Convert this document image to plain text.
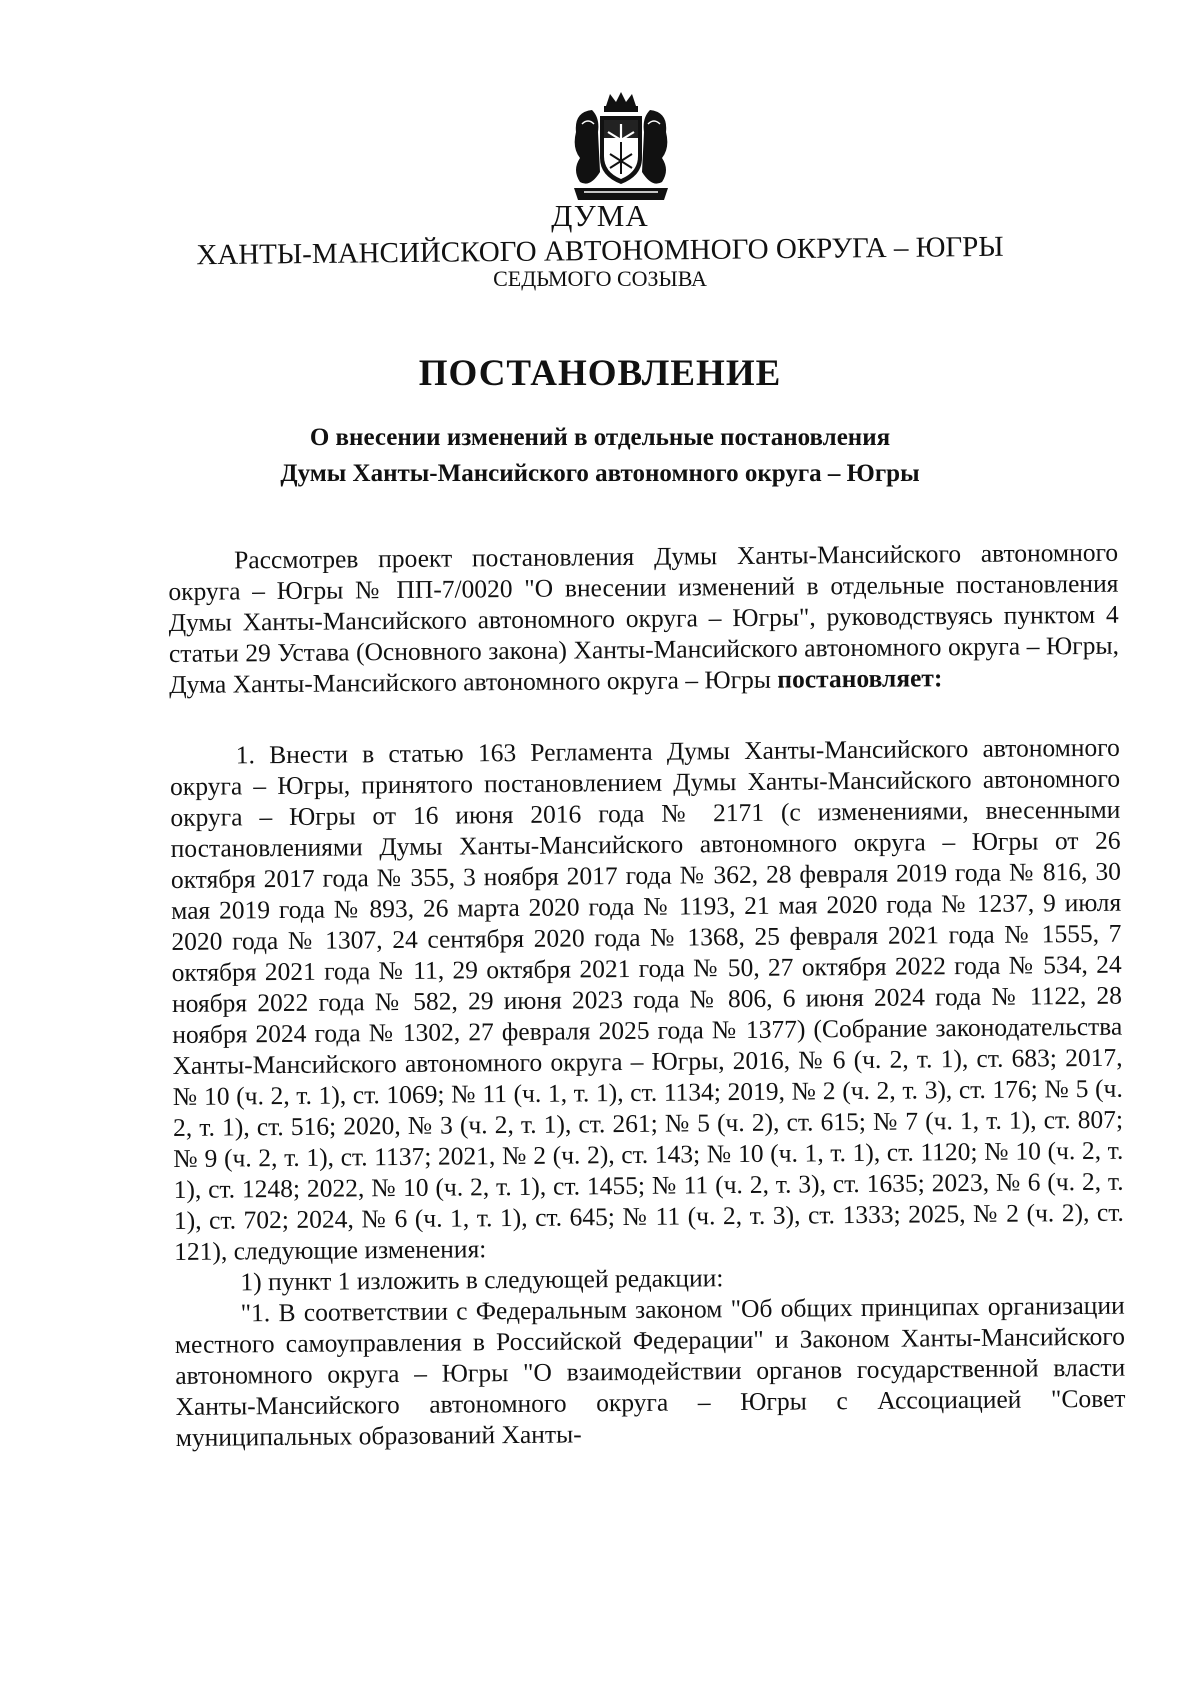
ДУМА
ХАНТЫ-МАНСИЙСКОГО АВТОНОМНОГО ОКРУГА – ЮГРЫ
СЕДЬМОГО СОЗЫВА
ПОСТАНОВЛЕНИЕ
О внесении изменений в отдельные постановления
Думы Ханты-Мансийского автономного округа – Югры

Рассмотрев проект постановления Думы Ханты-Мансийского автономного округа – Югры № ПП-7/0020 "О внесении изменений в отдельные постановления Думы Ханты-Мансийского автономного округа – Югры", руководствуясь пунктом 4 статьи 29 Устава (Основного закона) Ханты-Мансийского автономного округа – Югры, Дума Ханты-Мансийского автономного округа – Югры постановляет:

1. Внести в статью 163 Регламента Думы Ханты-Мансийского автономного округа – Югры, принятого постановлением Думы Ханты-Мансийского автономного округа – Югры от 16 июня 2016 года № 2171 (с изменениями, внесенными постановлениями Думы Ханты-Мансийского автономного округа – Югры от 26 октября 2017 года № 355, 3 ноября 2017 года № 362, 28 февраля 2019 года № 816, 30 мая 2019 года № 893, 26 марта 2020 года № 1193, 21 мая 2020 года № 1237, 9 июля 2020 года № 1307, 24 сентября 2020 года № 1368, 25 февраля 2021 года № 1555, 7 октября 2021 года № 11, 29 октября 2021 года № 50, 27 октября 2022 года № 534, 24 ноября 2022 года № 582, 29 июня 2023 года № 806, 6 июня 2024 года № 1122, 28 ноября 2024 года № 1302, 27 февраля 2025 года № 1377) (Собрание законодательства Ханты-Мансийского автономного округа – Югры, 2016, № 6 (ч. 2, т. 1), ст. 683; 2017, № 10 (ч. 2, т. 1), ст. 1069; № 11 (ч. 1, т. 1), ст. 1134; 2019, № 2 (ч. 2, т. 3), ст. 176; № 5 (ч. 2, т. 1), ст. 516; 2020, № 3 (ч. 2, т. 1), ст. 261; № 5 (ч. 2), ст. 615; № 7 (ч. 1, т. 1), ст. 807; № 9 (ч. 2, т. 1), ст. 1137; 2021, № 2 (ч. 2), ст. 143; № 10 (ч. 1, т. 1), ст. 1120; № 10 (ч. 2, т. 1), ст. 1248; 2022, № 10 (ч. 2, т. 1), ст. 1455; № 11 (ч. 2, т. 3), ст. 1635; 2023, № 6 (ч. 2, т. 1), ст. 702; 2024, № 6 (ч. 1, т. 1), ст. 645; № 11 (ч. 2, т. 3), ст. 1333; 2025, № 2 (ч. 2), ст. 121), следующие изменения:

1) пункт 1 изложить в следующей редакции:

"1. В соответствии с Федеральным законом "Об общих принципах организации местного самоуправления в Российской Федерации" и Законом Ханты-Мансийского автономного округа – Югры "О взаимодействии органов государственной власти Ханты-Мансийского автономного округа – Югры с Ассоциацией "Совет муниципальных образований Ханты-
